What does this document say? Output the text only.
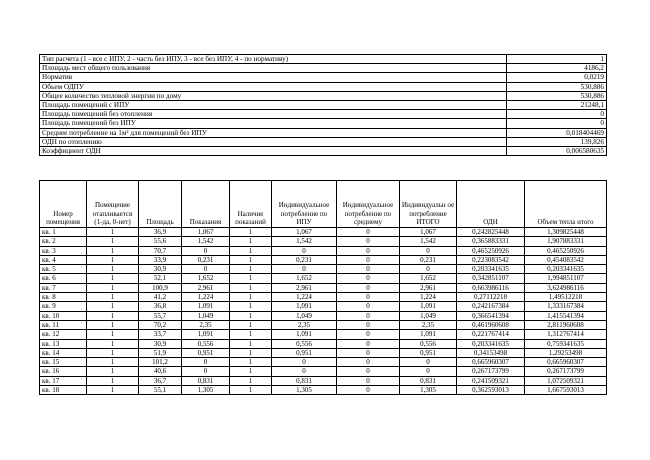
Тип расчета (1 - все с ИПУ, 2 - часть без ИПУ, 3 - все без ИПУ, 4 - по нормативу)	1
Площадь мест общего пользования	4186,2
Норматив	0,0219
Объем ОДПУ	530,886
Общее количество тепловой энергии по дому	530,886
Площадь помещений с ИПУ	21248,1
Площадь помещений без отопления	0
Площадь помещений без ИПУ	0
Среднее потребление на 1м² для помещений без ИПУ	0,018404469
ОДН по отоплению	139,826
Коэффициент ОДН	0,006580635
Номер помещения	Помещение отапливается (1-да, 0-нет)	Площадь	Показания	Наличие показаний	Индивидуальное потребление по ИПУ	Индивидуальное потребление по среднему	Индивидуальн ое потребление ИТОГО	ОДН	Объем тепла итого
кв. 1	1	36,9	1,067	1	1,067	0	1,067	0,242825448	1,309825448
кв. 2	1	55,6	1,542	1	1,542	0	1,542	0,365883331	1,907883331
кв. 3	1	70,7	0	1	0	0	0	0,465250926	0,465250926
кв. 4	1	33,9	0,231	1	0,231	0	0,231	0,223083542	0,454083542
кв. 5	1	30,9	0	1	0	0	0	0,203341635	0,203341635
кв. 6	1	52,1	1,652	1	1,652	0	1,652	0,342851107	1,994851107
кв. 7	1	100,9	2,961	1	2,961	0	2,961	0,663986116	3,624986116
кв. 8	1	41,2	1,224	1	1,224	0	1,224	0,27112218	1,49512218
кв. 9	1	36,8	1,091	1	1,091	0	1,091	0,242167384	1,333167384
кв. 10	1	55,7	1,049	1	1,049	0	1,049	0,366541394	1,415541394
кв. 11	1	70,2	2,35	1	2,35	0	2,35	0,461960608	2,811960608
кв. 12	1	33,7	1,091	1	1,091	0	1,091	0,221767414	1,312767414
кв. 13	1	30,9	0,556	1	0,556	0	0,556	0,203341635	0,759341635
кв. 14	1	51,9	0,951	1	0,951	0	0,951	0,34153498	1,29253498
кв. 15	1	101,2	0	1	0	0	0	0,665960307	0,665960307
кв. 16	1	40,6	0	1	0	0	0	0,267173799	0,267173799
кв. 17	1	36,7	0,831	1	0,831	0	0,831	0,241509321	1,072509321
кв. 18	1	55,1	1,305	1	1,305	0	1,305	0,362593013	1,667593013
